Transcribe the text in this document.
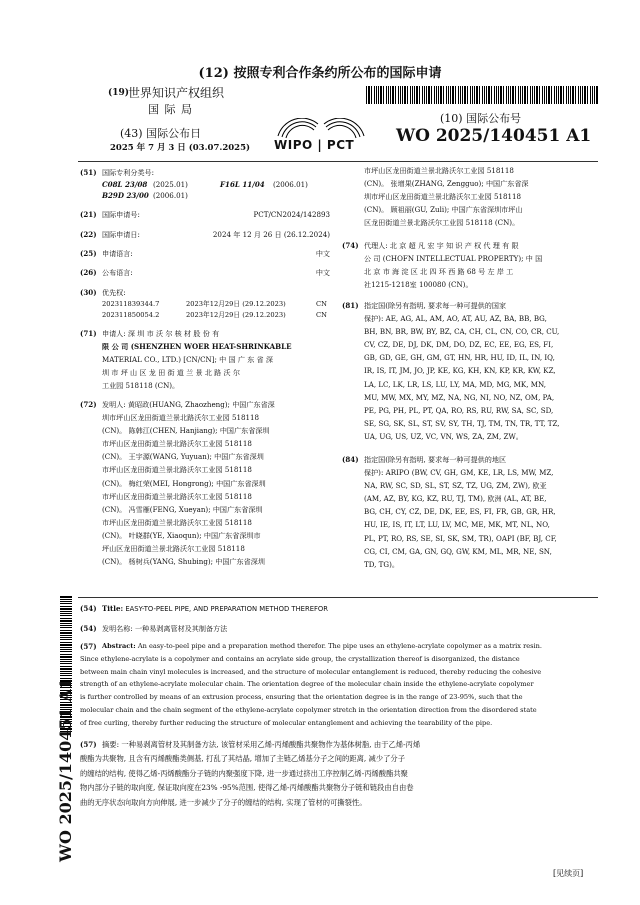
(12) 按照专利合作条约所公布的国际申请
(19)
世界知识产权组织
国 际 局
(43) 国际公布日
2025 年 7 月 3 日 (03.07.2025) WIPO | PCT
(10) 国际公布号
WO 2025/140451 A1
(51) 国际专利分类号:
C08L 23/08 (2025.01)	F16L 11/04 (2006.01)
B29D 23/00 (2006.01)
(21) 国际申请号:	PCT/CN2024/142893
(22) 国际申请日:	2024 年 12 月 26 日 (26.12.2024)
(25) 申请语言:	中文
(26) 公布语言:	中文
(30) 优先权:
202311839344.7	2023年12月29日 (29.12.2023)	CN
202311850054.2	2023年12月29日 (29.12.2023)	CN
(71) 申请人: 深 圳 市 沃 尔 核 材 股 份 有
限 公 司 (SHENZHEN WOER HEAT-SHRINKABLE
MATERIAL CO., LTD.) [CN/CN]; 中 国 广 东 省 深
圳 市 坪 山 区 龙 田 街 道 兰 景 北 路 沃 尔
工业园 518118 (CN)。
(72) 发明人: 黄昭政(HUANG, Zhaozheng); 中国广东省深
圳市坪山区龙田街道兰景北路沃尔工业园 518118
(CN)。 陈韩江(CHEN, Hanjiang); 中国广东省深圳
市坪山区龙田街道兰景北路沃尔工业园 518118
(CN)。 王宇源(WANG, Yuyuan); 中国广东省深圳
市坪山区龙田街道兰景北路沃尔工业园 518118
(CN)。 梅红荣(MEI, Hongrong); 中国广东省深圳
市坪山区龙田街道兰景北路沃尔工业园 518118
(CN)。 冯雪雁(FENG, Xueyan); 中国广东省深圳
市坪山区龙田街道兰景北路沃尔工业园 518118
(CN)。 叶晓群(YE, Xiaoqun); 中国广东省深圳市
坪山区龙田街道兰景北路沃尔工业园 518118
(CN)。 杨树兵(YANG, Shubing); 中国广东省深圳
市坪山区龙田街道兰景北路沃尔工业园 518118
(CN)。 张增果(ZHANG, Zengguo); 中国广东省深
圳市坪山区龙田街道兰景北路沃尔工业园 518118
(CN)。 顾祖丽(GU, Zuli); 中国广东省深圳市坪山
区龙田街道兰景北路沃尔工业园 518118 (CN)。
(74) 代理人: 北 京 超 凡 宏 宇 知 识 产 权 代 理 有 限
公 司 (CHOFN INTELLECTUAL PROPERTY); 中 国
北 京 市 海 淀 区 北 四 环 西 路 68 号 左 岸 工
社1215-1218室 100080 (CN)。
(81) 指定国(除另有指明, 要求每一种可提供的国家
保护): AE, AG, AL, AM, AO, AT, AU, AZ, BA, BB, BG,
BH, BN, BR, BW, BY, BZ, CA, CH, CL, CN, CO, CR, CU,
CV, CZ, DE, DJ, DK, DM, DO, DZ, EC, EE, EG, ES, FI,
GB, GD, GE, GH, GM, GT, HN, HR, HU, ID, IL, IN, IQ,
IR, IS, IT, JM, JO, JP, KE, KG, KH, KN, KP, KR, KW, KZ,
LA, LC, LK, LR, LS, LU, LY, MA, MD, MG, MK, MN,
MU, MW, MX, MY, MZ, NA, NG, NI, NO, NZ, OM, PA,
PE, PG, PH, PL, PT, QA, RO, RS, RU, RW, SA, SC, SD,
SE, SG, SK, SL, ST, SV, SY, TH, TJ, TM, TN, TR, TT, TZ,
UA, UG, US, UZ, VC, VN, WS, ZA, ZM, ZW。
(84) 指定国(除另有指明, 要求每一种可提供的地区
保护): ARIPO (BW, CV, GH, GM, KE, LR, LS, MW, MZ,
NA, RW, SC, SD, SL, ST, SZ, TZ, UG, ZM, ZW), 欧亚
(AM, AZ, BY, KG, KZ, RU, TJ, TM), 欧洲 (AL, AT, BE,
BG, CH, CY, CZ, DE, DK, EE, ES, FI, FR, GB, GR, HR,
HU, IE, IS, IT, LT, LU, LV, MC, ME, MK, MT, NL, NO,
PL, PT, RO, RS, SE, SI, SK, SM, TR), OAPI (BF, BJ, CF,
CG, CI, CM, GA, GN, GQ, GW, KM, ML, MR, NE, SN,
TD, TG)。
(54) Title: EASY-TO-PEEL PIPE, AND PREPARATION METHOD THEREFOR
(54) 发明名称: 一种易剥离管材及其制备方法
(57) Abstract: An easy-to-peel pipe and a preparation method therefor. The pipe uses an ethylene-acrylate copolymer as a matrix resin.
Since ethylene-acrylate is a copolymer and contains an acrylate side group, the crystallization thereof is disorganized, the distance
between main chain vinyl molecules is increased, and the structure of molecular entanglement is reduced, thereby reducing the cohesive
strength of an ethylene-acrylate molecular chain. The orientation degree of the molecular chain inside the ethylene-acrylate copolymer
is further controlled by means of an extrusion process, ensuring that the orientation degree is in the range of 23-95%, such that the
molecular chain and the chain segment of the ethylene-acrylate copolymer stretch in the orientation direction from the disordered state
of free curling, thereby further reducing the structure of molecular entanglement and achieving the tearability of the pipe.
(57) 摘要: 一种易剥离管材及其制备方法, 该管材采用乙烯-丙烯酸酯共聚物作为基体树脂, 由于乙烯-丙烯
酸酯为共聚物, 且含有丙烯酸酯类侧基, 打乱了其结晶, 增加了主链乙烯基分子之间的距离, 减少了分子
的缠结的结构, 使得乙烯-丙烯酸酯分子链的内聚强度下降, 进一步通过挤出工序控制乙烯-丙烯酸酯共聚
物内部分子链的取向度, 保证取向度在23% -95%范围, 使得乙烯-丙烯酸酯共聚物分子链和链段由自由卷
曲的无序状态向取向方向伸展, 进一步减少了分子的缠结的结构, 实现了管材的可撕裂性。
[见续页]
WO 2025/140451 A1
